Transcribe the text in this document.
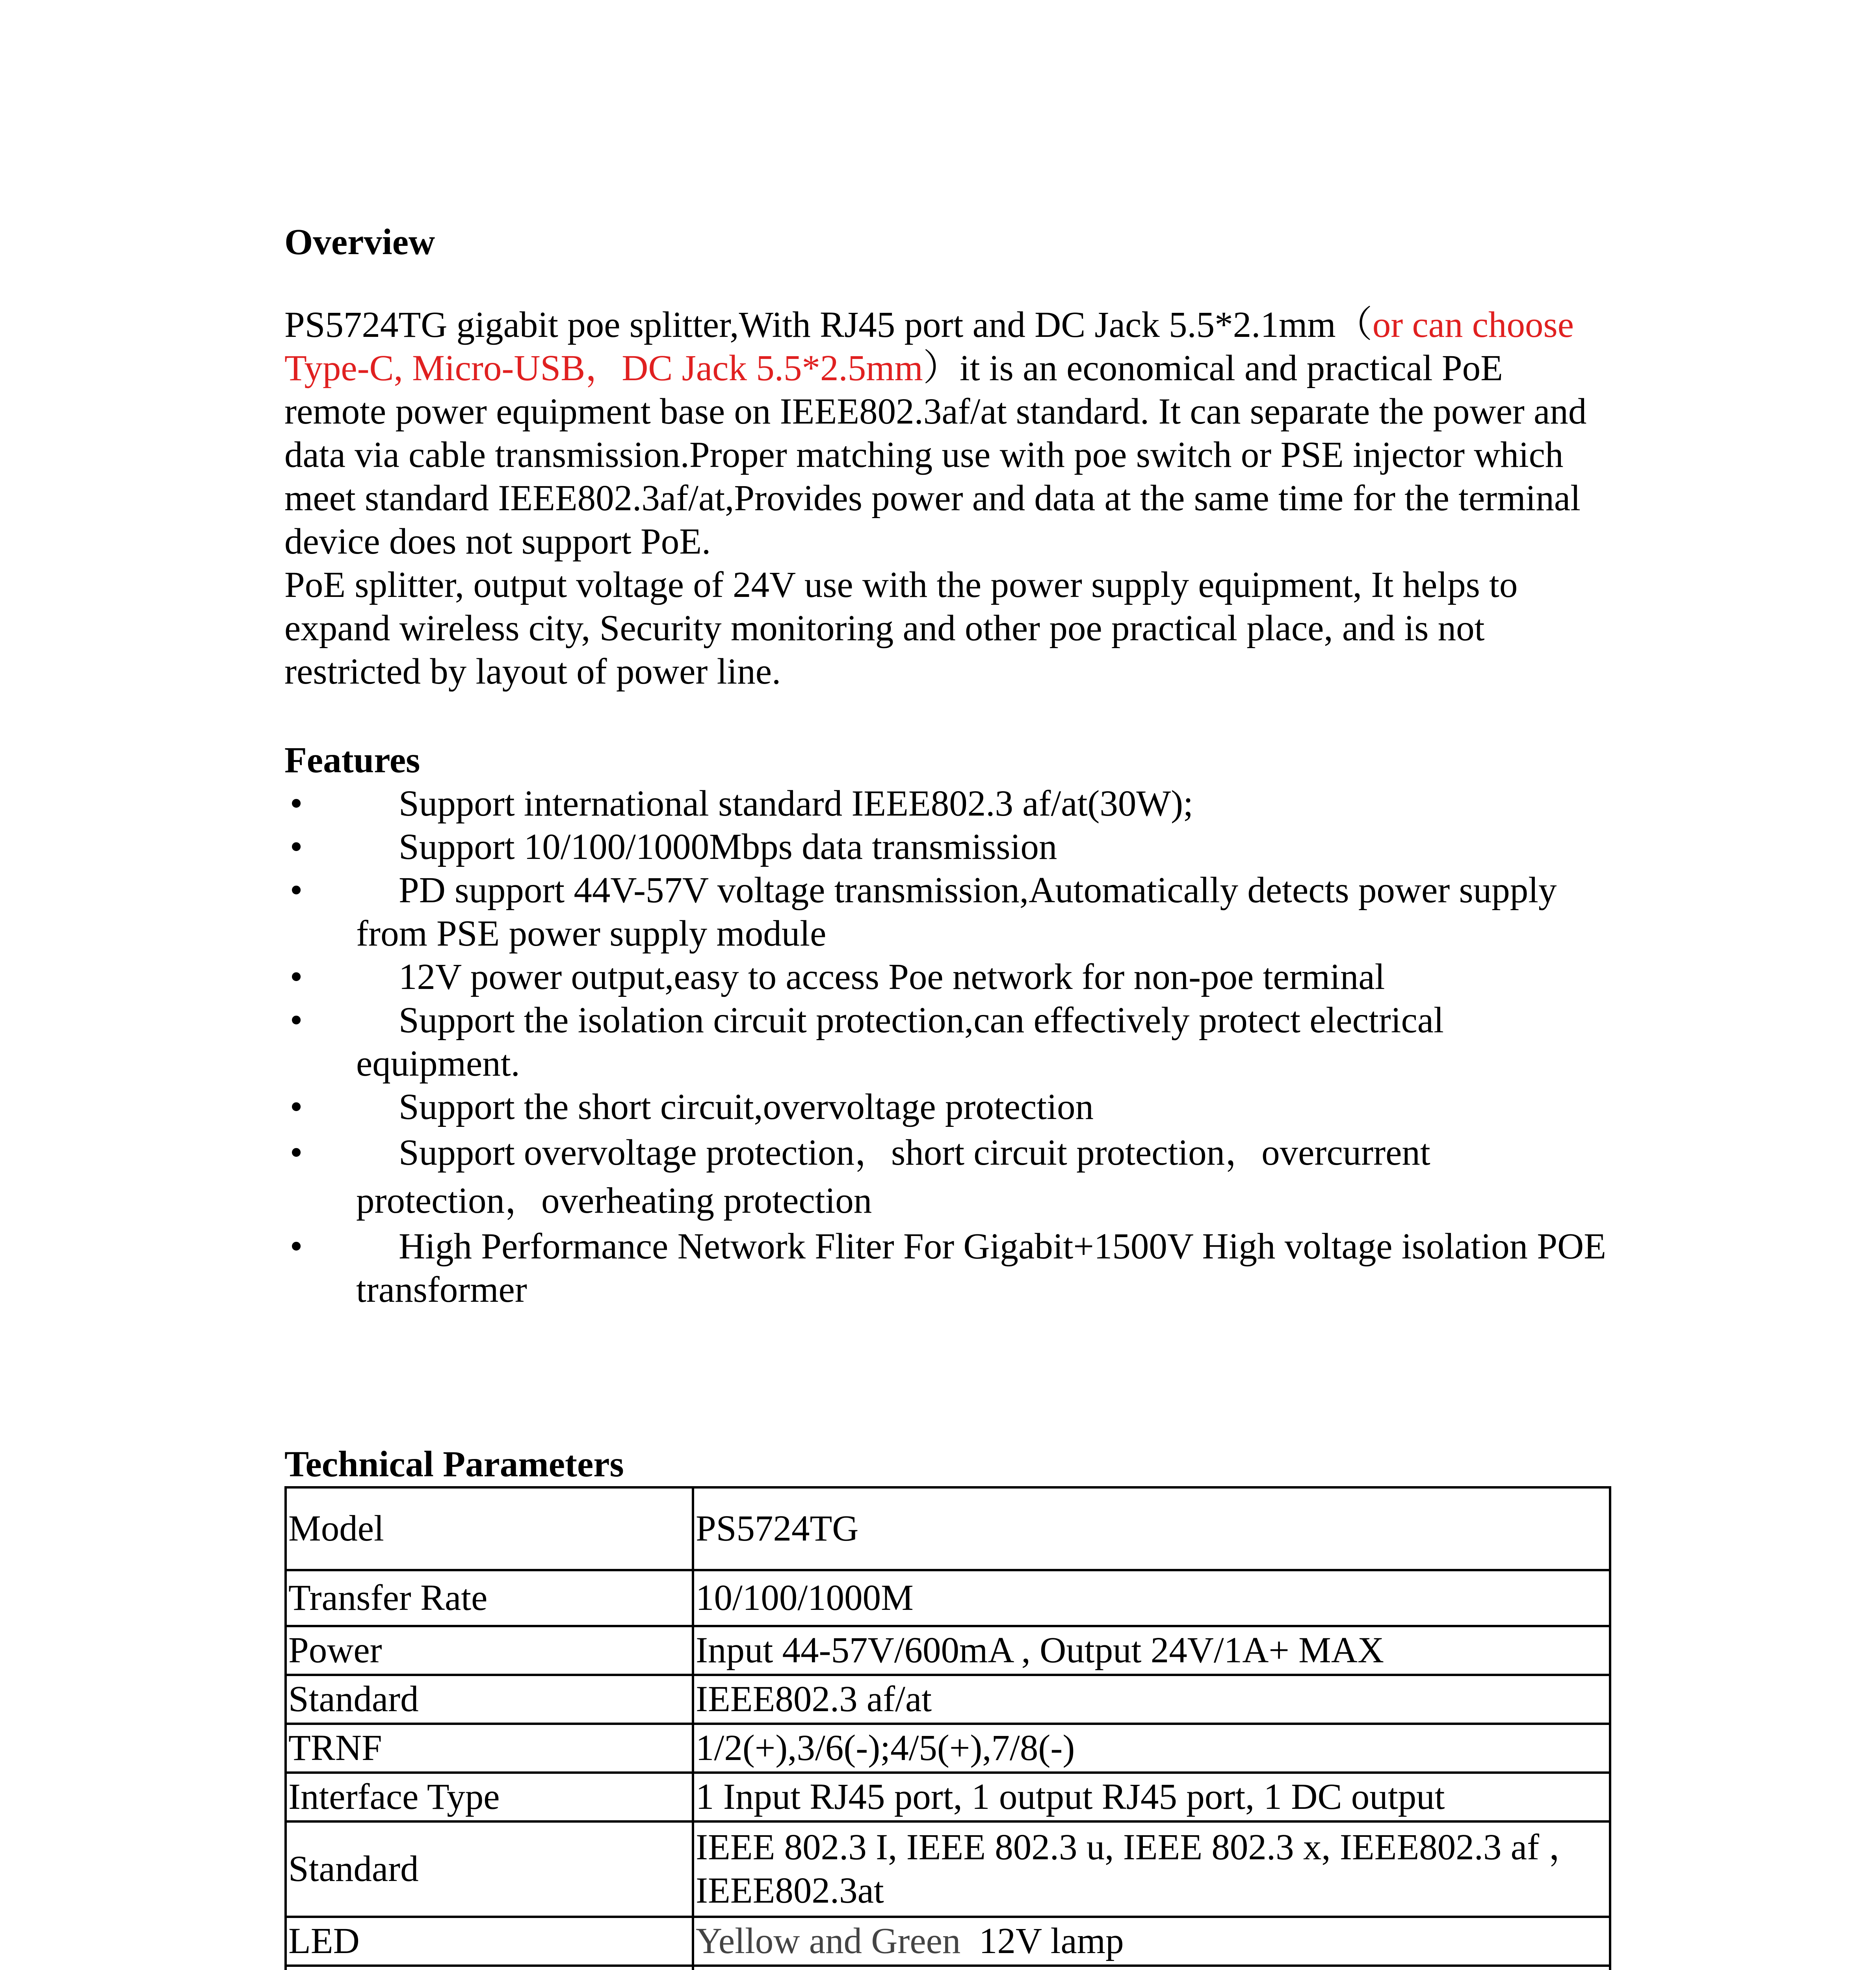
Overview

PS5724TG gigabit poe splitter,With RJ45 port and DC Jack 5.5*2.1mm（or can choose Type-C, Micro-USB，DC Jack 5.5*2.5mm）it is an economical and practical PoE remote power equipment base on IEEE802.3af/at standard. It can separate the power and data via cable transmission.Proper matching use with poe switch or PSE injector which meet standard IEEE802.3af/at,Provides power and data at the same time for the terminal device does not support PoE.

PoE splitter, output voltage of 24V use with the power supply equipment, It helps to expand wireless city, Security monitoring and other poe practical place, and is not restricted by layout of power line.

Features

•	Support international standard IEEE802.3 af/at(30W);
•	Support 10/100/1000Mbps data transmission
•	PD support 44V-57V voltage transmission,Automatically detects power supply from PSE power supply module
•	12V power output,easy to access Poe network for non-poe terminal
•	Support the isolation circuit protection,can effectively protect electrical equipment.
•	Support the short circuit,overvoltage protection
•	Support overvoltage protection，short circuit protection，overcurrent protection，overheating protection
•	High Performance Network Fliter For Gigabit+1500V High voltage isolation POE transformer

Technical Parameters

Model	PS5724TG
Transfer Rate	10/100/1000M
Power	Input 44-57V/600mA , Output 24V/1A+ MAX
Standard	IEEE802.3 af/at
TRNF	1/2(+),3/6(-);4/5(+),7/8(-)
Interface Type	1 Input RJ45 port, 1 output RJ45 port, 1 DC output
Standard	IEEE 802.3 I, IEEE 802.3 u, IEEE 802.3 x, IEEE802.3 af ，  IEEE802.3at
LED	Yellow and Green  12V lamp
